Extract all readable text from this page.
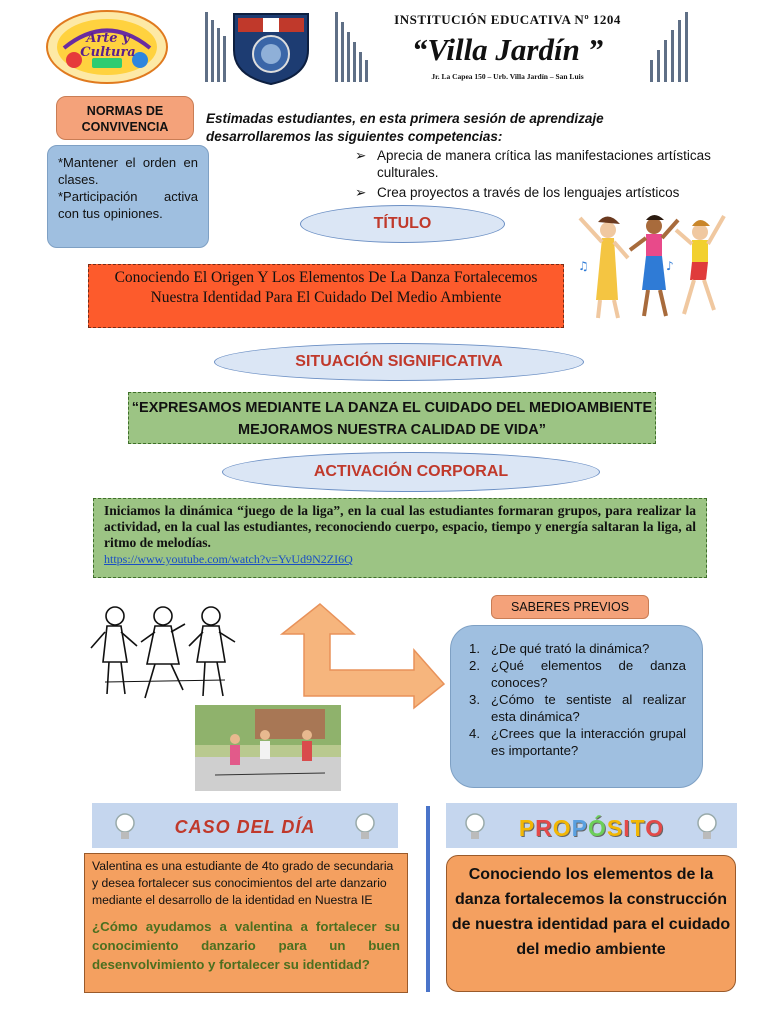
Arte y Cultura
INSTITUCIÓN EDUCATIVA Nº 1204
“Villa Jardín ”
Jr. La Capea 150 – Urb. Villa Jardín – San Luis
NORMAS DE CONVIVENCIA
*Mantener el orden en clases.
*Participación activa con tus opiniones.
Estimadas estudiantes, en esta primera sesión de aprendizaje desarrollaremos las siguientes competencias:
➢ Aprecia de manera crítica las manifestaciones artísticas culturales.
➢ Crea proyectos a través de los lenguajes artísticos
TÍTULO
♪
♫
Conociendo El Origen Y Los Elementos De La Danza Fortalecemos Nuestra Identidad Para El Cuidado Del Medio Ambiente
SITUACIÓN SIGNIFICATIVA
“EXPRESAMOS MEDIANTE LA DANZA EL CUIDADO DEL MEDIOAMBIENTE MEJORAMOS NUESTRA CALIDAD DE VIDA”
ACTIVACIÓN CORPORAL
Iniciamos la dinámica “juego de la liga”, en la cual las estudiantes formaran grupos, para realizar la actividad, en la cual las estudiantes, reconociendo cuerpo, espacio, tiempo y energía saltaran la liga, al ritmo de melodías.
https://www.youtube.com/watch?v=YvUd9N2ZI6Q
SABERES PREVIOS
1. ¿De qué trató la dinámica?
2. ¿Qué elementos de danza conoces?
3. ¿Cómo te sentiste al realizar esta dinámica?
4. ¿Crees que la interacción grupal es importante?
CASO DEL DÍA
Valentina es una estudiante de 4to grado de secundaria y desea fortalecer sus conocimientos del arte danzario mediante el desarrollo de la identidad en Nuestra IE
¿Cómo ayudamos a valentina a fortalecer su conocimiento danzario para un buen desenvolvimiento y fortalecer su identidad?
PROPÓSITO
Conociendo los elementos de la danza fortalecemos la construcción de nuestra identidad para el cuidado del medio ambiente
